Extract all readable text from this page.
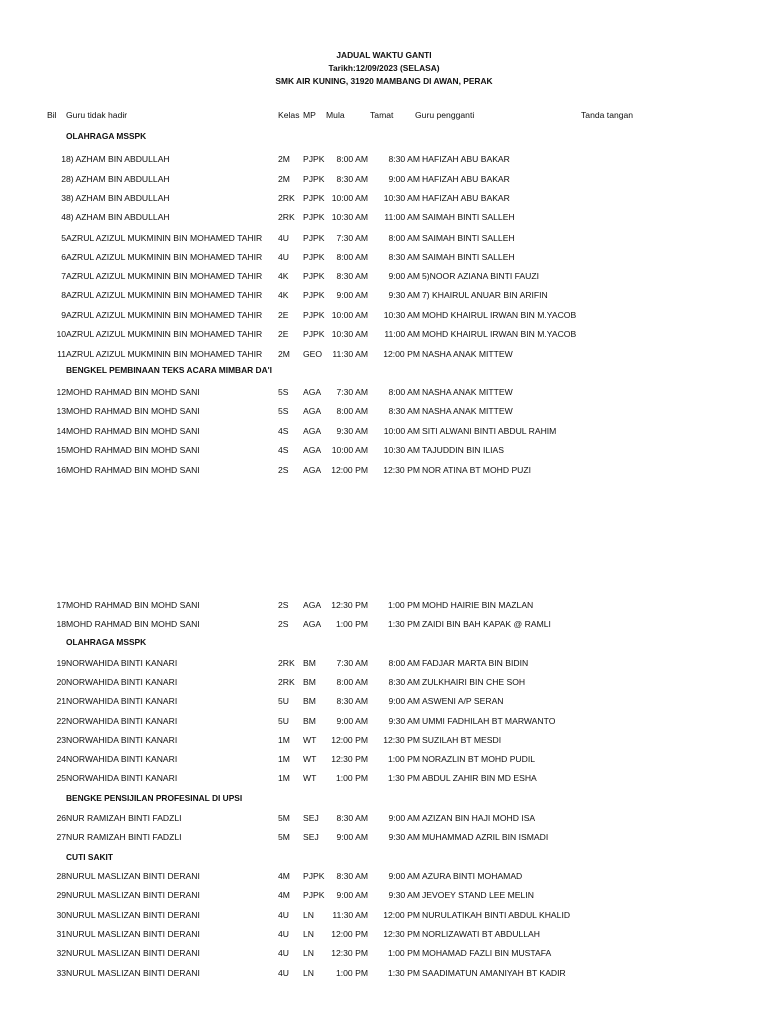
JADUAL WAKTU GANTI
Tarikh:12/09/2023 (SELASA)
SMK AIR KUNING, 31920 MAMBANG DI AWAN, PERAK
Bil Guru tidak hadir	Kelas MP Mula	Tamat	Guru pengganti	Tanda tangan
OLAHRAGA MSSPK
BENGKEL PEMBINAAN TEKS ACARA MIMBAR DA'I
OLAHRAGA MSSPK
BENGKE PENSIJILAN PROFESINAL DI UPSI
CUTI SAKIT
1 8) AZHAM BIN ABDULLAH	2M PJPK	8:00 AM	8:30 AM HAFIZAH ABU BAKAR
2 8) AZHAM BIN ABDULLAH	2M PJPK	8:30 AM	9:00 AM HAFIZAH ABU BAKAR
3 8) AZHAM BIN ABDULLAH	2RK PJPK 10:00 AM	10:30 AM HAFIZAH ABU BAKAR
4 8) AZHAM BIN ABDULLAH	2RK PJPK 10:30 AM	11:00 AM SAIMAH BINTI SALLEH
5 AZRUL AZIZUL MUKMININ BIN MOHAMED TAHIR 4U PJPK	7:30 AM	8:00 AM SAIMAH BINTI SALLEH
6 AZRUL AZIZUL MUKMININ BIN MOHAMED TAHIR 4U PJPK	8:00 AM	8:30 AM SAIMAH BINTI SALLEH
7 AZRUL AZIZUL MUKMININ BIN MOHAMED TAHIR 4K PJPK	8:30 AM	9:00 AM 5)NOOR AZIANA BINTI FAUZI
8 AZRUL AZIZUL MUKMININ BIN MOHAMED TAHIR 4K PJPK	9:00 AM	9:30 AM 7) KHAIRUL ANUAR BIN ARIFIN
9 AZRUL AZIZUL MUKMININ BIN MOHAMED TAHIR 2E PJPK 10:00 AM	10:30 AM MOHD KHAIRUL IRWAN BIN M.YACOB
10 AZRUL AZIZUL MUKMININ BIN MOHAMED TAHIR 2E PJPK 10:30 AM	11:00 AM MOHD KHAIRUL IRWAN BIN M.YACOB
11 AZRUL AZIZUL MUKMININ BIN MOHAMED TAHIR 2M GEO	11:30 AM	12:00 PM NASHA ANAK MITTEW
12 MOHD RAHMAD BIN MOHD SANI	5S AGA	7:30 AM	8:00 AM NASHA ANAK MITTEW
13 MOHD RAHMAD BIN MOHD SANI	5S AGA	8:00 AM	8:30 AM NASHA ANAK MITTEW
14 MOHD RAHMAD BIN MOHD SANI	4S AGA	9:30 AM	10:00 AM SITI ALWANI BINTI ABDUL RAHIM
15 MOHD RAHMAD BIN MOHD SANI	4S AGA	10:00 AM	10:30 AM TAJUDDIN BIN ILIAS
16 MOHD RAHMAD BIN MOHD SANI	2S AGA	12:00 PM	12:30 PM NOR ATINA BT MOHD PUZI
17 MOHD RAHMAD BIN MOHD SANI	2S AGA	12:30 PM	1:00 PM MOHD HAIRIE BIN MAZLAN
18 MOHD RAHMAD BIN MOHD SANI	2S AGA	1:00 PM	1:30 PM ZAIDI BIN BAH KAPAK @ RAMLI
19 NORWAHIDA BINTI KANARI	2RK BM	7:30 AM	8:00 AM FADJAR MARTA BIN BIDIN
20 NORWAHIDA BINTI KANARI	2RK BM	8:00 AM	8:30 AM ZULKHAIRI BIN CHE SOH
21 NORWAHIDA BINTI KANARI	5U BM	8:30 AM	9:00 AM ASWENI A/P SERAN
22 NORWAHIDA BINTI KANARI	5U BM	9:00 AM	9:30 AM UMMI FADHILAH BT MARWANTO
23 NORWAHIDA BINTI KANARI	1M WT	12:00 PM	12:30 PM SUZILAH BT MESDI
24 NORWAHIDA BINTI KANARI	1M WT	12:30 PM	1:00 PM NORAZLIN BT MOHD PUDIL
25 NORWAHIDA BINTI KANARI	1M WT	1:00 PM	1:30 PM ABDUL ZAHIR BIN MD ESHA
26 NUR RAMIZAH BINTI FADZLI	5M SEJ	8:30 AM	9:00 AM AZIZAN BIN HAJI MOHD ISA
27 NUR RAMIZAH BINTI FADZLI	5M SEJ	9:00 AM	9:30 AM MUHAMMAD AZRIL BIN ISMADI
28 NURUL MASLIZAN BINTI DERANI	4M PJPK	8:30 AM	9:00 AM AZURA BINTI MOHAMAD
29 NURUL MASLIZAN BINTI DERANI	4M PJPK	9:00 AM	9:30 AM JEVOEY STAND LEE MELIN
30 NURUL MASLIZAN BINTI DERANI	4U LN	11:30 AM	12:00 PM NURULATIKAH BINTI ABDUL KHALID
31 NURUL MASLIZAN BINTI DERANI	4U LN	12:00 PM	12:30 PM NORLIZAWATI BT ABDULLAH
32 NURUL MASLIZAN BINTI DERANI	4U LN	12:30 PM	1:00 PM MOHAMAD FAZLI BIN MUSTAFA
33 NURUL MASLIZAN BINTI DERANI	4U LN	1:00 PM	1:30 PM SAADIMATUN AMANIYAH BT KADIR
